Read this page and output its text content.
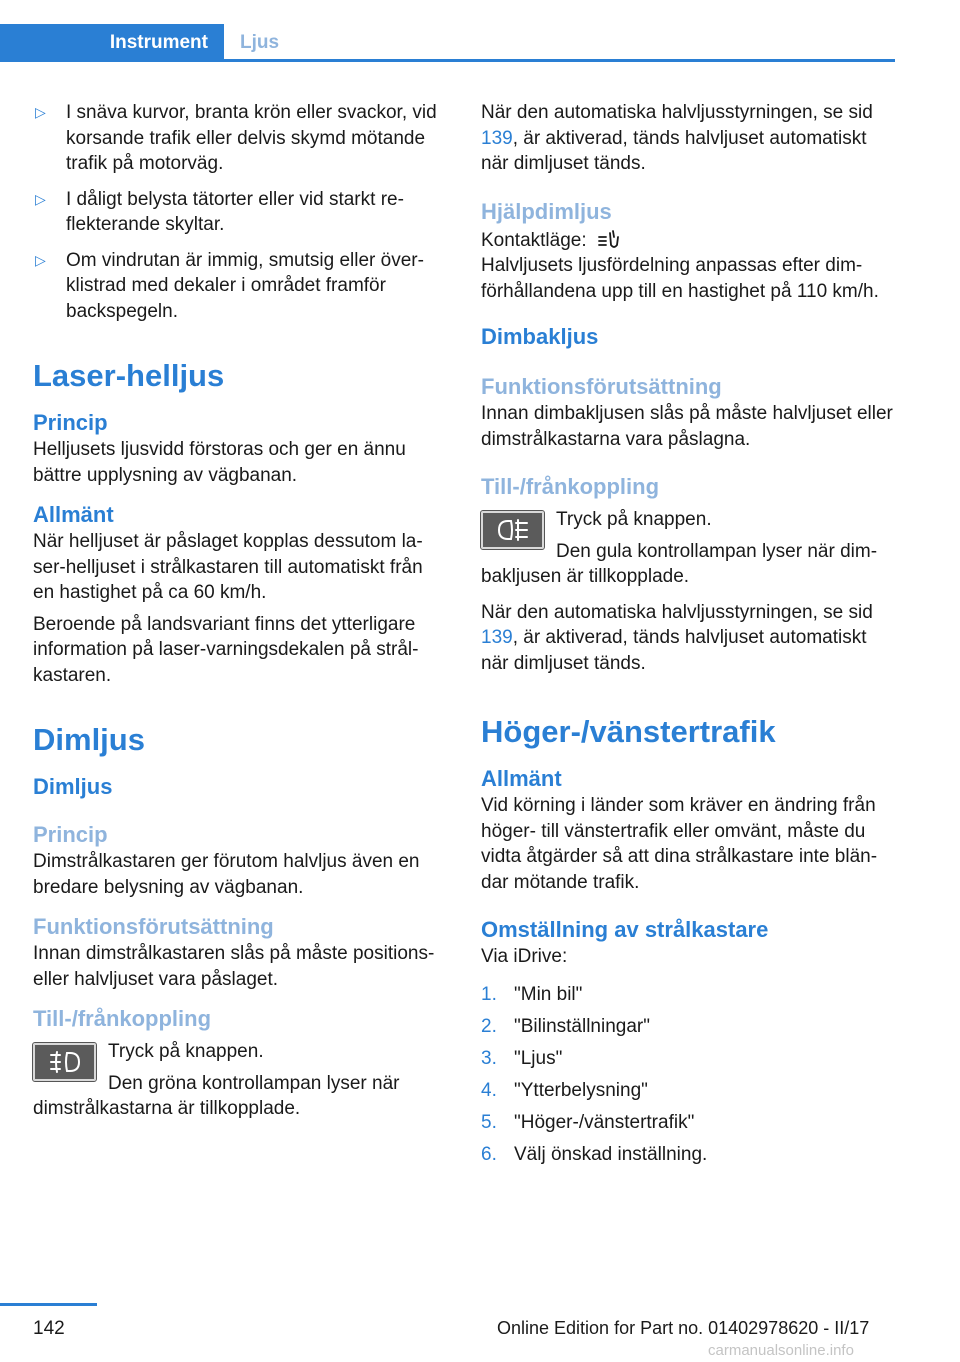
Instrument	Ljus
▷ I snäva kurvor, branta krön eller svackor, vid korsande trafik eller delvis skymd mötande trafik på motorväg.
▷ I dåligt belysta tätorter eller vid starkt reflekterande skyltar.
▷ Om vindrutan är immig, smutsig eller överklistrad med dekaler i området framför backspegeln.
Laser-helljus
Princip

Helljusets ljusvidd förstoras och ger en ännu bättre upplysning av vägbanan.

Allmänt

När helljuset är påslaget kopplas dessutom laser-helljuset i strålkastaren till automatiskt från en hastighet på ca 60 km/h.

Beroende på landsvariant finns det ytterligare information på laser-varningsdekalen på strålkastaren.

Dimljus
Dimljus
Princip

Dimstrålkastaren ger förutom halvljus även en bredare belysning av vägbanan.

Funktionsförutsättning

Innan dimstrålkastaren slås på måste positions- eller halvljuset vara påslaget.

Till-/frånkoppling

Tryck på knappen.

Den gröna kontrollampan lyser när dimstrålkastarna är tillkopplade.

När den automatiska halvljusstyrningen, se sid 139, är aktiverad, tänds halvljuset automatiskt när dimljuset tänds.

Hjälpdimljus

Kontaktläge:

Halvljusets ljusfördelning anpassas efter dimförhållandena upp till en hastighet på 110 km/h.

Dimbakljus
Funktionsförutsättning

Innan dimbakljusen slås på måste halvljuset eller dimstrålkastarna vara påslagna.

Till-/frånkoppling

Tryck på knappen.

Den gula kontrollampan lyser när dimbakljusen är tillkopplade.

När den automatiska halvljusstyrningen, se sid 139, är aktiverad, tänds halvljuset automatiskt när dimljuset tänds.

Höger-/vänstertrafik
Allmänt

Vid körning i länder som kräver en ändring från höger- till vänstertrafik eller omvänt, måste du vidta åtgärder så att dina strålkastare inte bländar mötande trafik.

Omställning av strålkastare

Via iDrive:

1. "Min bil"
2. "Bilinställningar"
3. "Ljus"
4. "Ytterbelysning"
5. "Höger-/vänstertrafik"
6. Välj önskad inställning.
142	Online Edition for Part no. 01402978620 - II/17
carmanualsonline.info
